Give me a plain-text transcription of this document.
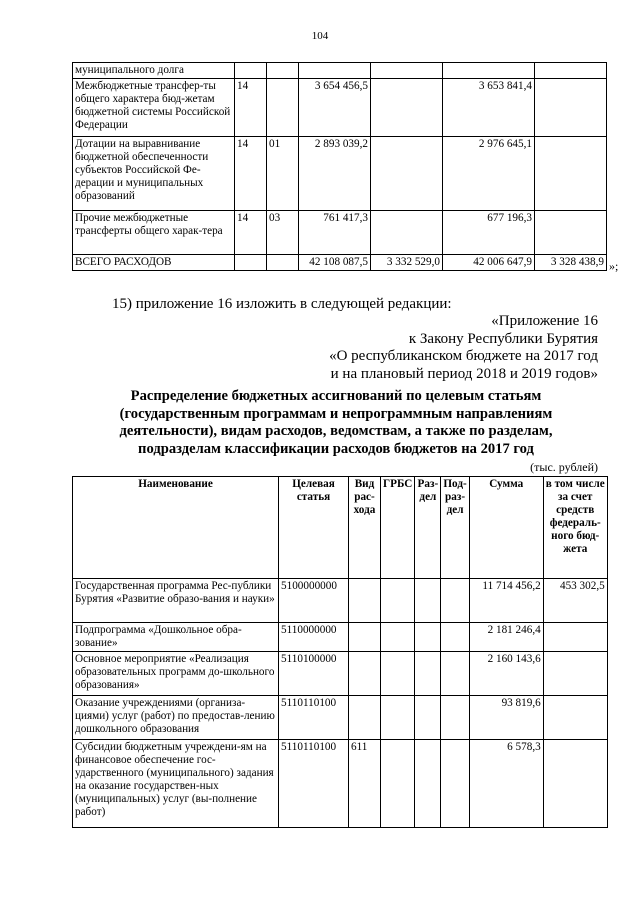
104
муниципального долга						
Межбюджетные трансфер-ты общего характера бюд-жетам бюджетной системы Российской Федерации	14		3 654 456,5		3 653 841,4	
Дотации на выравнивание бюджетной обеспеченности субъектов Российской Фе-дерации и муниципальных образований	14	01	2 893 039,2		2 976 645,1	
Прочие межбюджетные трансферты общего харак-тера	14	03	761 417,3		677 196,3	
ВСЕГО РАСХОДОВ			42 108 087,5	3 332 529,0	42 006 647,9	3 328 438,9 »;
15) приложение 16 изложить в следующей редакции:
«Приложение 16
к Закону Республики Бурятия
«О республиканском бюджете на 2017 год
и на плановый период 2018 и 2019 годов»
Распределение бюджетных ассигнований по целевым статьям
(государственным программам и непрограммным направлениям
деятельности), видам расходов, ведомствам, а также по разделам,
подразделам классификации расходов бюджетов на 2017 год
(тыс. рублей)
Наименование	Целевая статья	Вид рас-хода	ГРБС	Раз-дел	Под-раз-дел	Сумма	в том числе за счет средств федераль-ного бюд-жета
Государственная программа Рес-публики Бурятия «Развитие образо-вания и науки»	5100000000					11 714 456,2	453 302,5
Подпрограмма «Дошкольное обра-зование»	5110000000					2 181 246,4	
Основное мероприятие «Реализация образовательных программ до-школьного образования»	5110100000					2 160 143,6	
Оказание учреждениями (организа-циями) услуг (работ) по предостав-лению дошкольного образования	5110110100					93 819,6	
Субсидии бюджетным учреждени-ям на финансовое обеспечение гос-ударственного (муниципального) задания на оказание государствен-ных (муниципальных) услуг (вы-полнение работ)	5110110100	611				6 578,3	
